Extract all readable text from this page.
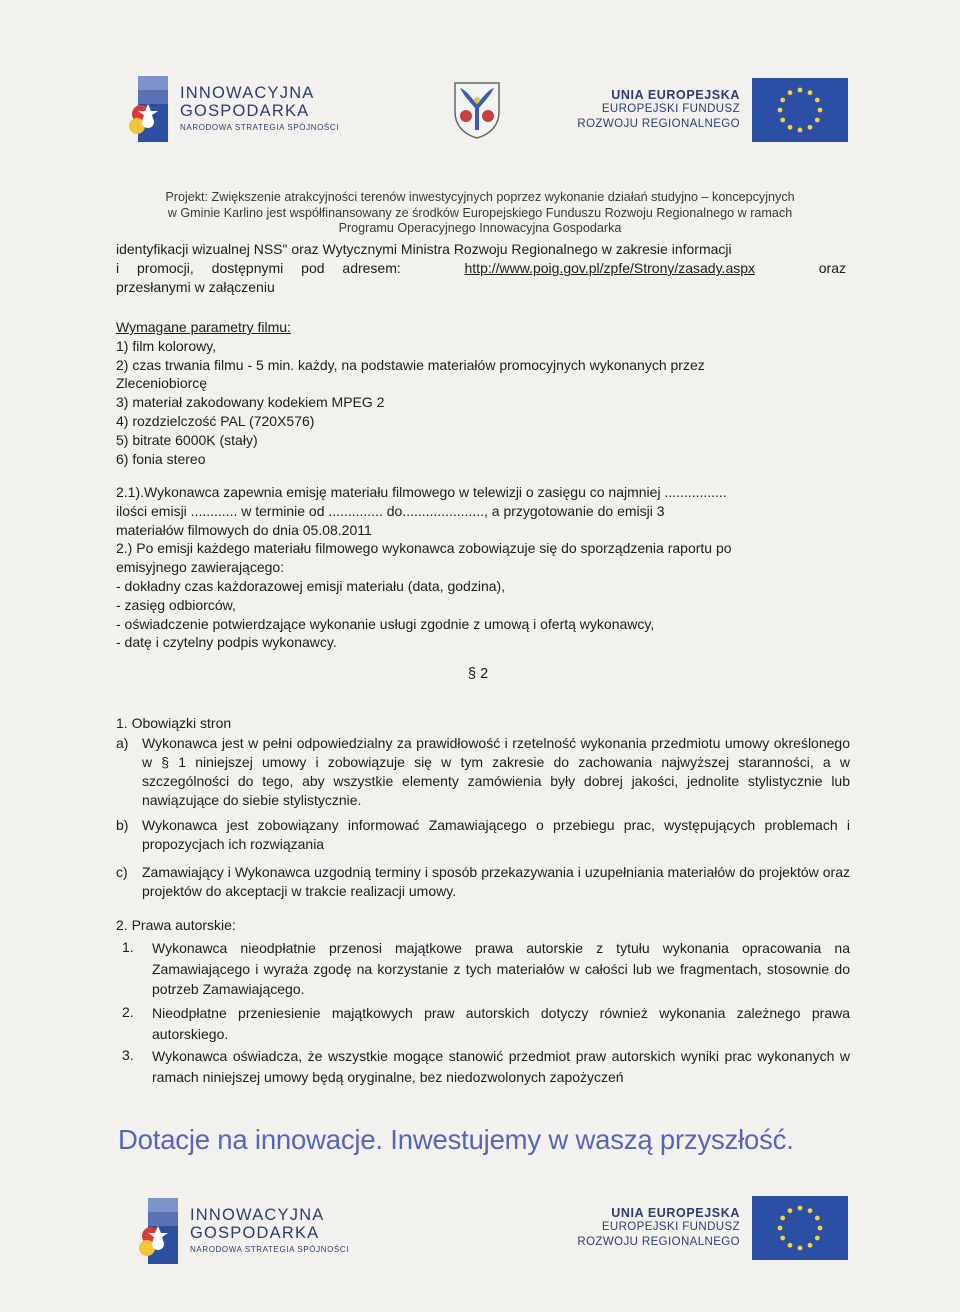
INNOWACYJNA
GOSPODARKA
NARODOWA STRATEGIA SPÓJNOŚCI
UNIA EUROPEJSKA
EUROPEJSKI FUNDUSZ
ROZWOJU REGIONALNEGO
Projekt: Zwiększenie atrakcyjności terenów inwestycyjnych poprzez wykonanie działań studyjno – koncepcyjnych
w Gminie Karlino jest współfinansowany ze środków Europejskiego Funduszu Rozwoju Regionalnego w ramach
Programu Operacyjnego Innowacyjna Gospodarka
identyfikacji wizualnej NSS" oraz Wytycznymi Ministra Rozwoju Regionalnego w zakresie informacji
i promocji, dostępnymi pod adresem:	http://www.poig.gov.pl/zpfe/Strony/zasady.aspx	oraz
przesłanymi w załączeniu
Wymagane parametry filmu:
1) film kolorowy,
2) czas trwania filmu - 5 min. każdy, na podstawie materiałów promocyjnych wykonanych przez
Zleceniobiorcę
3) materiał zakodowany kodekiem MPEG 2
4) rozdzielczość PAL (720X576)
5) bitrate 6000K (stały)
6) fonia stereo
2.1).Wykonawca zapewnia emisję materiału filmowego w telewizji o zasięgu co najmniej ................
ilości emisji ............ w terminie od .............. do....................., a przygotowanie do emisji 3
materiałów filmowych do dnia 05.08.2011
2.) Po emisji każdego materiału filmowego wykonawca zobowiązuje się do sporządzenia raportu po
emisyjnego zawierającego:
- dokładny czas każdorazowej emisji materiału (data, godzina),
- zasięg odbiorców,
- oświadczenie potwierdzające wykonanie usługi zgodnie z umową i ofertą wykonawcy,
- datę i czytelny podpis wykonawcy.
§ 2
1. Obowiązki stron
a) Wykonawca jest w pełni odpowiedzialny za prawidłowość i rzetelność wykonania przedmiotu umowy określonego w § 1 niniejszej umowy i zobowiązuje się w tym zakresie do zachowania najwyższej staranności, a w szczególności do tego, aby wszystkie elementy zamówienia były dobrej jakości, jednolite stylistycznie lub nawiązujące do siebie stylistycznie.
b) Wykonawca jest zobowiązany informować Zamawiającego o przebiegu prac, występujących problemach i propozycjach ich rozwiązania
c) Zamawiający i Wykonawca uzgodnią terminy i sposób przekazywania i uzupełniania materiałów do projektów oraz projektów do akceptacji w trakcie realizacji umowy.
2. Prawa autorskie:
1. Wykonawca nieodpłatnie przenosi majątkowe prawa autorskie z tytułu wykonania opracowania na Zamawiającego i wyraża zgodę na korzystanie z tych materiałów w całości lub we fragmentach, stosownie do potrzeb Zamawiającego.
2. Nieodpłatne przeniesienie majątkowych praw autorskich dotyczy również wykonania zależnego prawa autorskiego.
3. Wykonawca oświadcza, że wszystkie mogące stanowić przedmiot praw autorskich wyniki prac wykonanych w ramach niniejszej umowy będą oryginalne, bez niedozwolonych zapożyczeń
Dotacje na innowacje. Inwestujemy w waszą przyszłość.
INNOWACYJNA
GOSPODARKA
NARODOWA STRATEGIA SPÓJNOŚCI
UNIA EUROPEJSKA
EUROPEJSKI FUNDUSZ
ROZWOJU REGIONALNEGO
